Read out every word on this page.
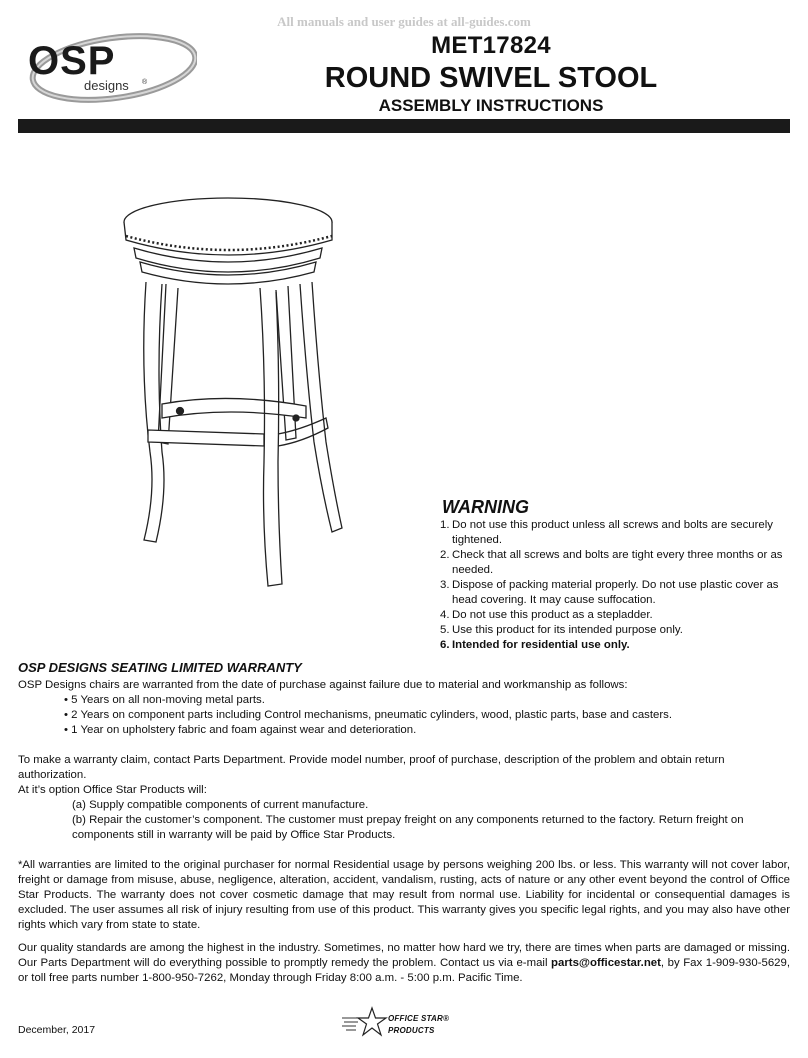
All manuals and user guides at all-guides.com
OSP
designs ®
MET17824
ROUND SWIVEL STOOL
ASSEMBLY INSTRUCTIONS
WARNING
1. Do not use this product unless all screws and bolts are securely tightened.
2. Check that all screws and bolts are tight every three months or as needed.
3. Dispose of packing material properly. Do not use plastic cover as head covering. It may cause suffocation.
4. Do not use this product as a stepladder.
5. Use this product for its intended purpose only.
6. Intended for residential use only.
OSP DESIGNS SEATING LIMITED WARRANTY

OSP Designs chairs are warranted from the date of purchase against failure due to material and workmanship as follows:

• 5 Years on all non-moving metal parts.

• 2 Years on component parts including Control mechanisms, pneumatic cylinders, wood, plastic parts, base and casters.

• 1 Year on upholstery fabric and foam against wear and deterioration.

To make a warranty claim, contact Parts Department. Provide model number, proof of purchase, description of the problem and obtain return authorization.

At it’s option Office Star Products will:

(a) Supply compatible components of current manufacture.

(b) Repair the customer’s component. The customer must prepay freight on any components returned to the factory. Return freight on components still in warranty will be paid by Office Star Products.

*All warranties are limited to the original purchaser for normal Residential usage by persons weighing 200 lbs. or less. This warranty will not cover labor, freight or damage from misuse, abuse, negligence, alteration, accident, vandalism, rusting, acts of nature or any other event beyond the control of Office Star Products. The warranty does not cover cosmetic damage that may result from normal use. Liability for incidental or consequential damages is excluded. The user assumes all risk of injury resulting from use of this product. This warranty gives you specific legal rights, and you may also have other rights which vary from state to state.

Our quality standards are among the highest in the industry. Sometimes, no matter how hard we try, there are times when parts are damaged or missing. Our Parts Department will do everything possible to promptly remedy the problem. Contact us via e-mail parts@officestar.net, by Fax 1-909-930-5629, or toll free parts number 1-800-950-7262, Monday through Friday 8:00 a.m. - 5:00 p.m. Pacific Time.

December, 2017
OFFICE STAR®
PRODUCTS
